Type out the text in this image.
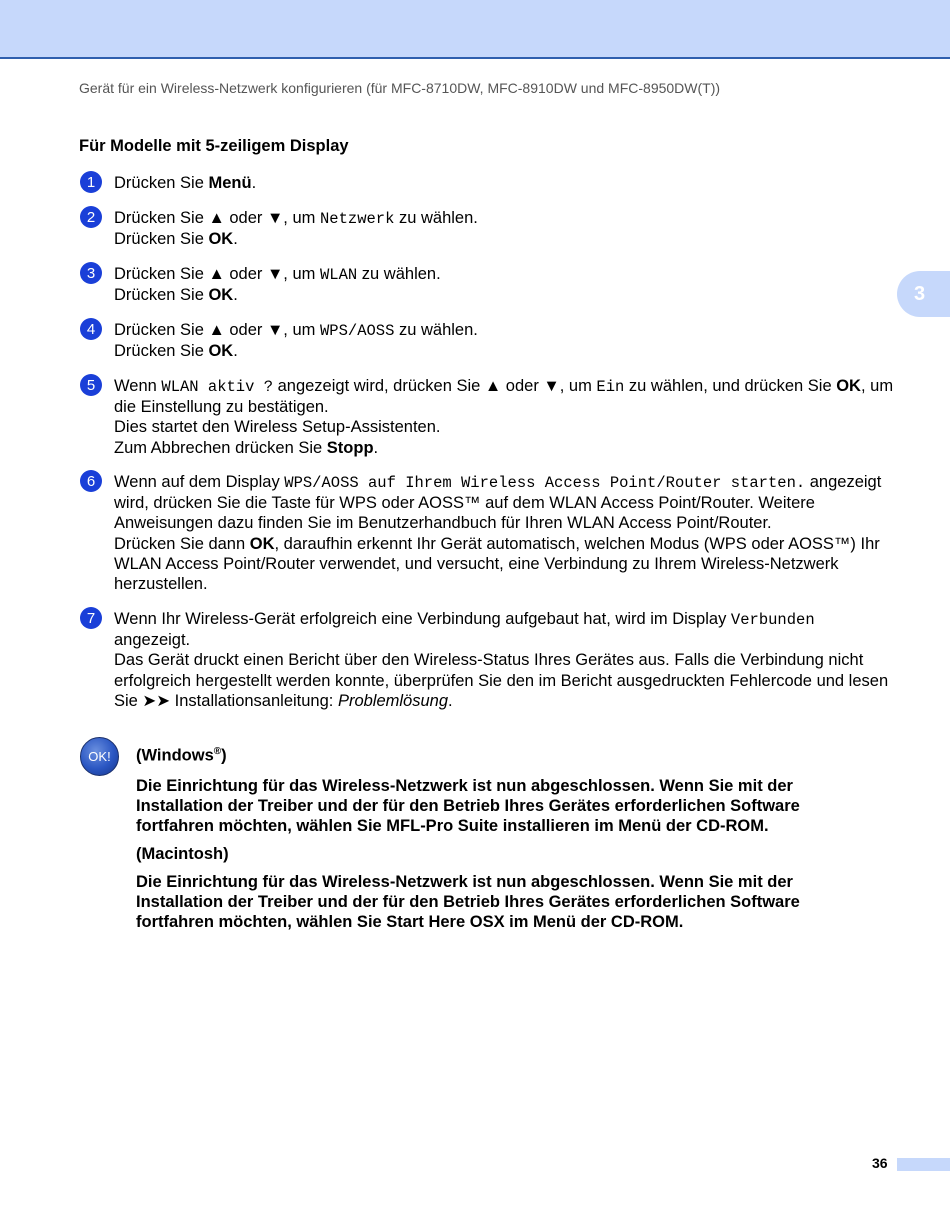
Gerät für ein Wireless-Netzwerk konfigurieren (für MFC-8710DW, MFC-8910DW und MFC-8950DW(T))
3
Für Modelle mit 5-zeiligem Display
1	Drücken Sie Menü.

2	Drücken Sie ▲ oder ▼, um Netzwerk zu wählen.

Drücken Sie OK.

3	Drücken Sie ▲ oder ▼, um WLAN zu wählen.

Drücken Sie OK.

4	Drücken Sie ▲ oder ▼, um WPS/AOSS zu wählen.

Drücken Sie OK.

5	Wenn WLAN aktiv ? angezeigt wird, drücken Sie ▲ oder ▼, um Ein zu wählen, und drücken Sie OK, um die Einstellung zu bestätigen.

Dies startet den Wireless Setup-Assistenten.

Zum Abbrechen drücken Sie Stopp.

6	Wenn auf dem Display WPS/AOSS auf Ihrem Wireless Access Point/Router starten. angezeigt wird, drücken Sie die Taste für WPS oder AOSS™ auf dem WLAN Access Point/Router. Weitere Anweisungen dazu finden Sie im Benutzerhandbuch für Ihren WLAN Access Point/Router.

Drücken Sie dann OK, daraufhin erkennt Ihr Gerät automatisch, welchen Modus (WPS oder AOSS™) Ihr WLAN Access Point/Router verwendet, und versucht, eine Verbindung zu Ihrem Wireless-Netzwerk herzustellen.

7	Wenn Ihr Wireless-Gerät erfolgreich eine Verbindung aufgebaut hat, wird im Display Verbunden angezeigt.

Das Gerät druckt einen Bericht über den Wireless-Status Ihres Gerätes aus. Falls die Verbindung nicht erfolgreich hergestellt werden konnte, überprüfen Sie den im Bericht ausgedruckten Fehlercode und lesen Sie ➤➤ Installationsanleitung: Problemlösung.

OK!	(Windows®)

Die Einrichtung für das Wireless-Netzwerk ist nun abgeschlossen. Wenn Sie mit der Installation der Treiber und der für den Betrieb Ihres Gerätes erforderlichen Software fortfahren möchten, wählen Sie MFL-Pro Suite installieren im Menü der CD-ROM.

(Macintosh)

Die Einrichtung für das Wireless-Netzwerk ist nun abgeschlossen. Wenn Sie mit der Installation der Treiber und der für den Betrieb Ihres Gerätes erforderlichen Software fortfahren möchten, wählen Sie Start Here OSX im Menü der CD-ROM.

36
